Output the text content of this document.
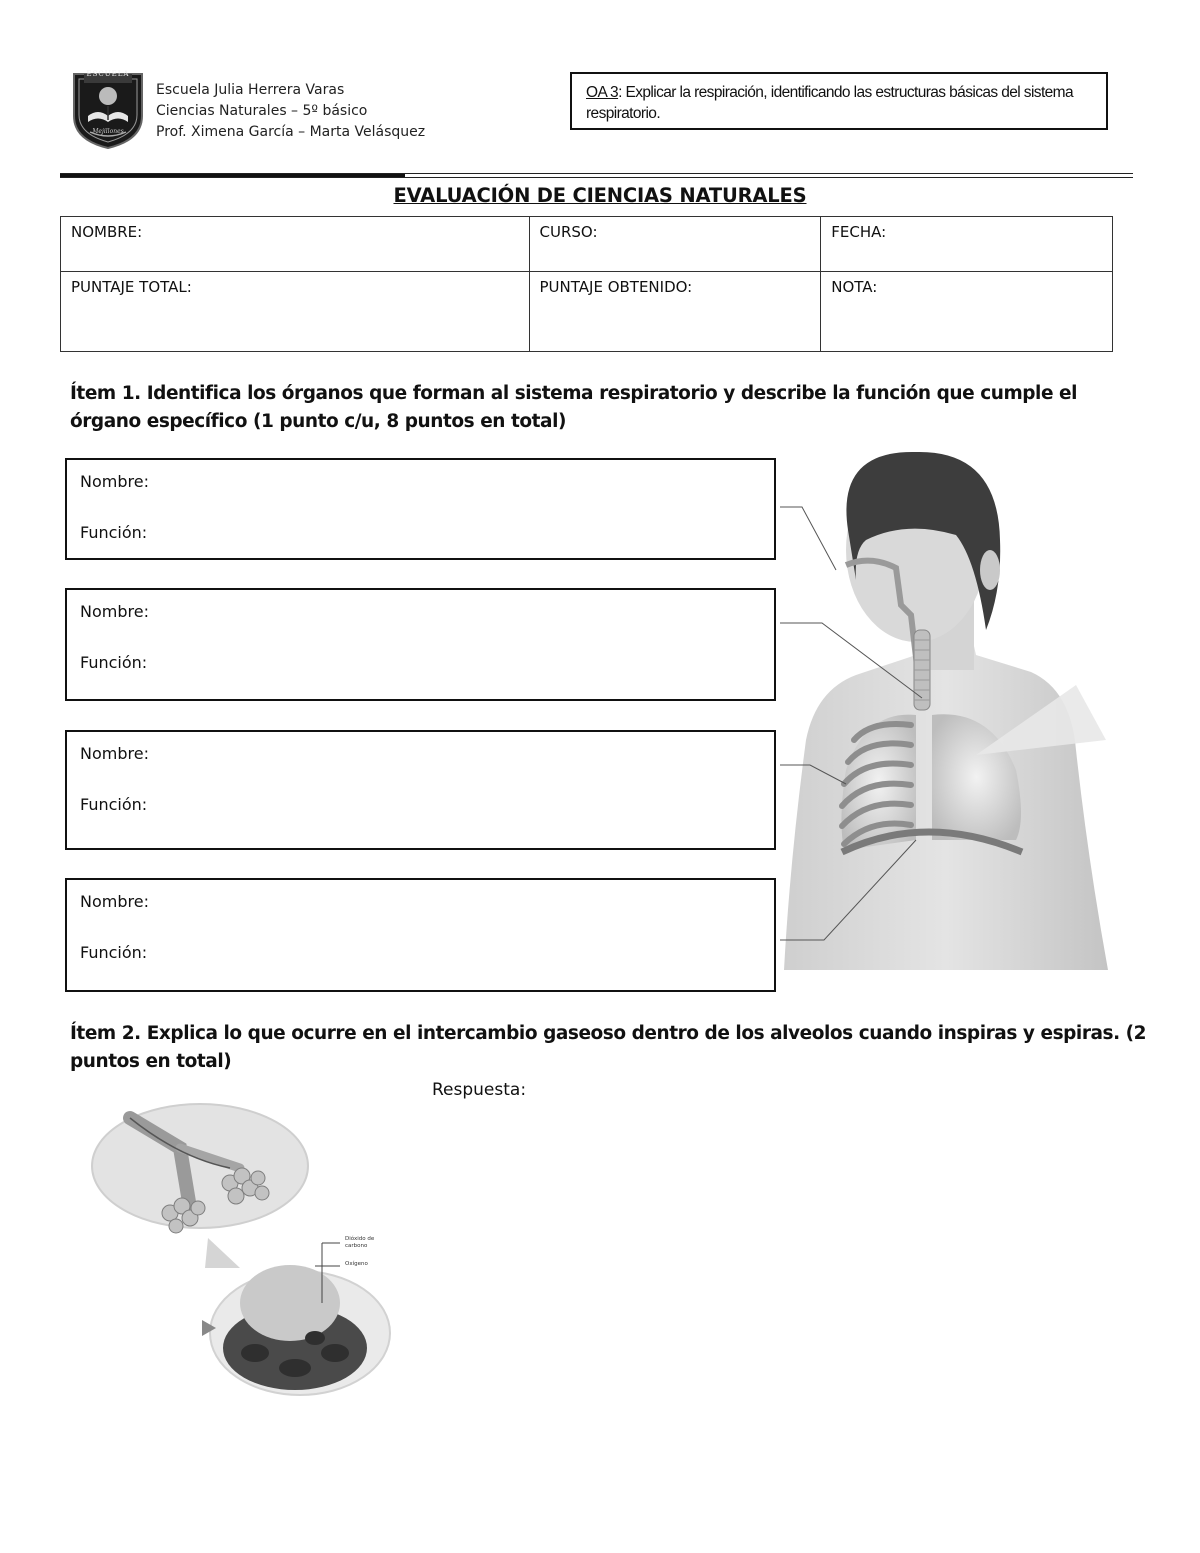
ESCUELA
Mejillones
Escuela Julia Herrera Varas
Ciencias Naturales – 5º básico
Prof. Ximena García – Marta Velásquez
OA 3: Explicar la respiración, identificando las estructuras básicas del sistema respiratorio.
EVALUACIÓN DE CIENCIAS NATURALES
NOMBRE:	CURSO:	FECHA:
PUNTAJE TOTAL:	PUNTAJE OBTENIDO:	NOTA:
Ítem 1. Identifica los órganos que forman al sistema respiratorio y describe la función que cumple el órgano específico (1 punto c/u, 8 puntos en total)
Nombre:
Función:
Nombre:
Función:
Nombre:
Función:
Nombre:
Función:
Ítem 2. Explica lo que ocurre en el intercambio gaseoso dentro de los alveolos cuando inspiras y espiras. (2 puntos en total)
Respuesta:
Dióxido de carbono
Oxígeno
